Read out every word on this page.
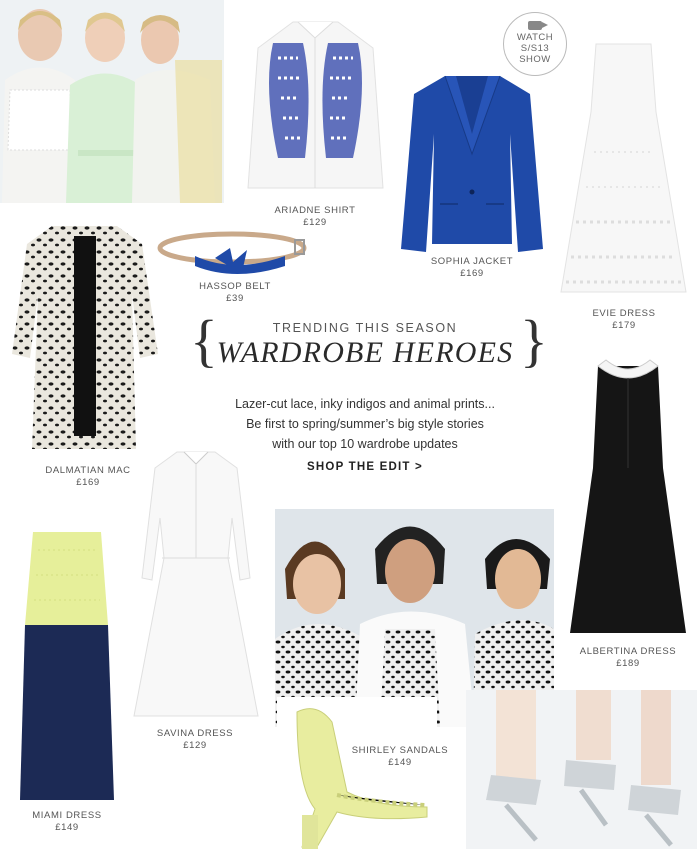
ARIADNE SHIRT
£129
SOPHIA JACKET
£169
WATCH
S/S13
SHOW
EVIE DRESS
£179
HASSOP BELT
£39
DALMATIAN MAC
£169
{	}
TRENDING THIS SEASON
WARDROBE HEROES
Lazer-cut lace, inky indigos and animal prints...
Be first to spring/summer’s big style stories
with our top 10 wardrobe updates
SHOP THE EDIT >
ALBERTINA DRESS
£189
SAVINA DRESS
£129
MIAMI DRESS
£149
SHIRLEY SANDALS
£149
